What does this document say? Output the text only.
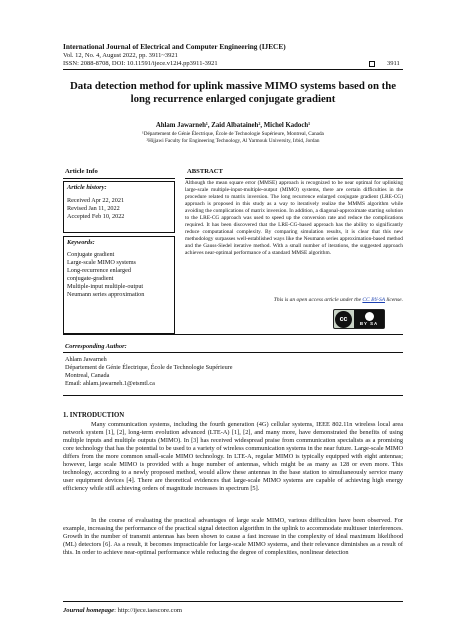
International Journal of Electrical and Computer Engineering (IJECE)
Vol. 12, No. 4, August 2022, pp. 3911~3921
ISSN: 2088-8708, DOI: 10.11591/ijece.v12i4.pp3911-3921	3911
Data detection method for uplink massive MIMO systems based on the long recurrence enlarged conjugate gradient
Ahlam Jawarneh¹, Zaid Albataineh², Michel Kadoch¹
¹Département de Génie Électrique, École de Technologie Supérieure, Montreal, Canada
²Hijjawi Faculty for Engineering Technology, Al Yarmouk University, Irbid, Jordan
Article Info	ABSTRACT
Article history:
Received Apr 22, 2021
Revised Jan 11, 2022
Accepted Feb 10, 2022
Keywords:
Conjugate gradient
Large-scale MIMO systems
Long-recurrence enlarged
conjugate-gradient
Multiple-input multiple-output
Neumann series approximation
Although the mean square error (MMSE) approach is recognized to be near optimal for uplinking large-scale multiple-input-multiple-output (MIMO) systems, there are certain difficulties in the procedure related to matrix inversion. The long recurrence enlarged conjugate gradient (LRE-CG) approach is proposed in this study as a way to iteratively realize the MMMS algorithm while avoiding the complications of matrix inversion. In addition, a diagonal-approximate starting solution to the LRE-CG approach was used to speed up the conversion rate and reduce the complications required. It has been discovered that the LRE-CG-based approach has the ability to significantly reduce computational complexity. By comparing simulation results, it is clear that this new methodology surpasses well-established ways like the Neumann series approximation-based method and the Gauss-Siedel iterative method. With a small number of iterations, the suggested approach achieves near-optimal performance of a standard MMSE algorithm.
This is an open access article under the CC BY-SA license.
cc
BY SA
Corresponding Author:
Ahlam Jawarneh
Département de Génie Électrique, École de Technologie Supérieure
Montreal, Canada
Email: ahlam.jawarneh.1@etsmtl.ca
1. INTRODUCTION
Many communication systems, including the fourth generation (4G) cellular systems, IEEE 802.11n wireless local area network system [1], [2], long-term evolution advanced (LTE-A) [1], [2], and many more, have demonstrated the benefits of using multiple inputs and multiple outputs (MIMO). In [3] has received widespread praise from communication specialists as a promising core technology that has the potential to be used to a variety of wireless communication systems in the near future. Large-scale MIMO differs from the more common small-scale MIMO technology. In LTE-A, regular MIMO is typically equipped with eight antennas; however, large scale MIMO is provided with a huge number of antennas, which might be as many as 128 or even more. This technology, according to a newly proposed method, would allow these antennas in the base station to simultaneously service many user equipment devices [4]. There are theoretical evidences that large-scale MIMO systems are capable of achieving high energy efficiency while still achieving orders of magnitude increases in spectrum [5].
In the course of evaluating the practical advantages of large scale MIMO, various difficulties have been observed. For example, increasing the performance of the practical signal detection algorithm in the uplink to accommodate multiuser interferences. Growth in the number of transmit antennas has been shown to cause a fast increase in the complexity of ideal maximum likelihood (ML) detectors [6]. As a result, it becomes impracticable for large-scale MIMO systems, and their relevance diminishes as a result of this. In order to achieve near-optimal performance while reducing the degree of complexities, nonlinear detection
Journal homepage: http://ijece.iaescore.com
